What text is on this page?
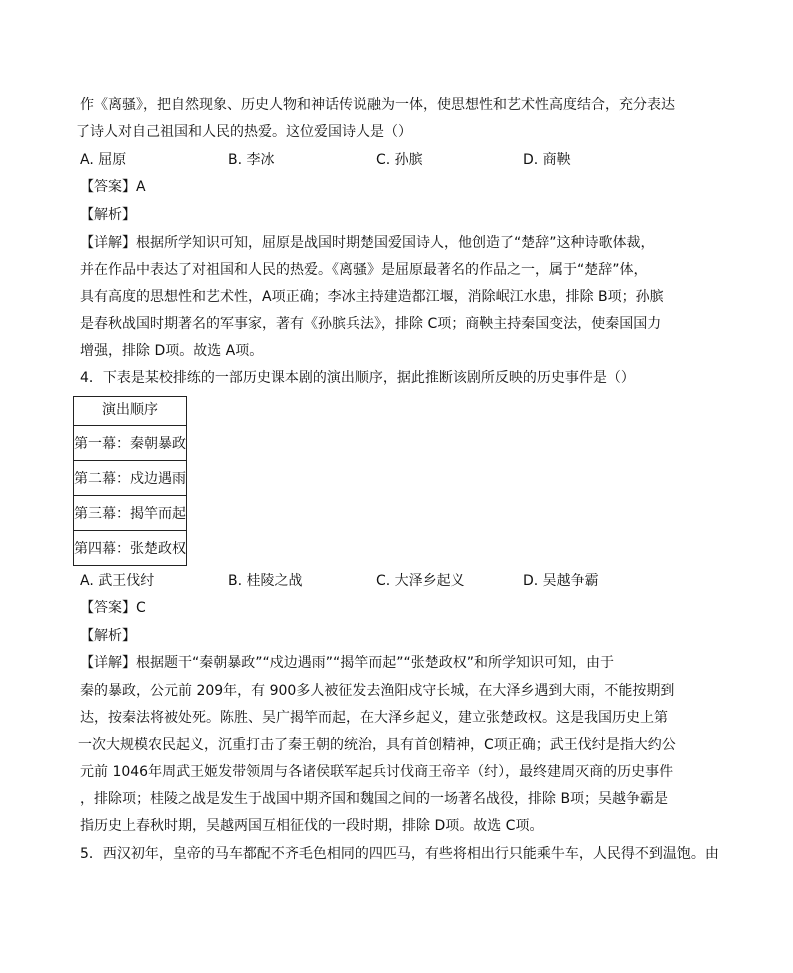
作《离骚》，把自然现象、历史人物和神话传说融为一体，使思想性和艺术性高度结合，充分表达
了诗人对自己祖国和人民的热爱。这位爱国诗人是（）
A. 屈原	B. 李冰	C. 孙膑	D. 商鞅
【答案】A
【解析】
【详解】根据所学知识可知，屈原是战国时期楚国爱国诗人，他创造了“楚辞”这种诗歌体裁，
并在作品中表达了对祖国和人民的热爱。《离骚》是屈原最著名的作品之一，属于“楚辞”体，
具有高度的思想性和艺术性，A项正确；李冰主持建造都江堰，消除岷江水患，排除 B项；孙膑
是春秋战国时期著名的军事家，著有《孙膑兵法》，排除 C项；商鞅主持秦国变法，使秦国国力
增强，排除 D项。故选 A项。
4．下表是某校排练的一部历史课本剧的演出顺序，据此推断该剧所反映的历史事件是（）
演出顺序
第一幕：秦朝暴政
第二幕：戍边遇雨
第三幕：揭竿而起
第四幕：张楚政权
A. 武王伐纣	B. 桂陵之战	C. 大泽乡起义	D. 吴越争霸
【答案】C
【解析】
【详解】根据题干“秦朝暴政”“戍边遇雨”“揭竿而起”“张楚政权”和所学知识可知，由于
秦的暴政，公元前 209年，有 900多人被征发去渔阳戍守长城，在大泽乡遇到大雨，不能按期到
达，按秦法将被处死。陈胜、吴广揭竿而起，在大泽乡起义，建立张楚政权。这是我国历史上第
一次大规模农民起义，沉重打击了秦王朝的统治，具有首创精神，C项正确；武王伐纣是指大约公
元前 1046年周武王姬发带领周与各诸侯联军起兵讨伐商王帝辛（纣），最终建周灭商的历史事件
，排除项；桂陵之战是发生于战国中期齐国和魏国之间的一场著名战役，排除 B项；吴越争霸是
指历史上春秋时期，吴越两国互相征伐的一段时期，排除 D项。故选 C项。
5．西汉初年，皇帝的马车都配不齐毛色相同的四匹马，有些将相出行只能乘牛车，人民得不到温饱。由
